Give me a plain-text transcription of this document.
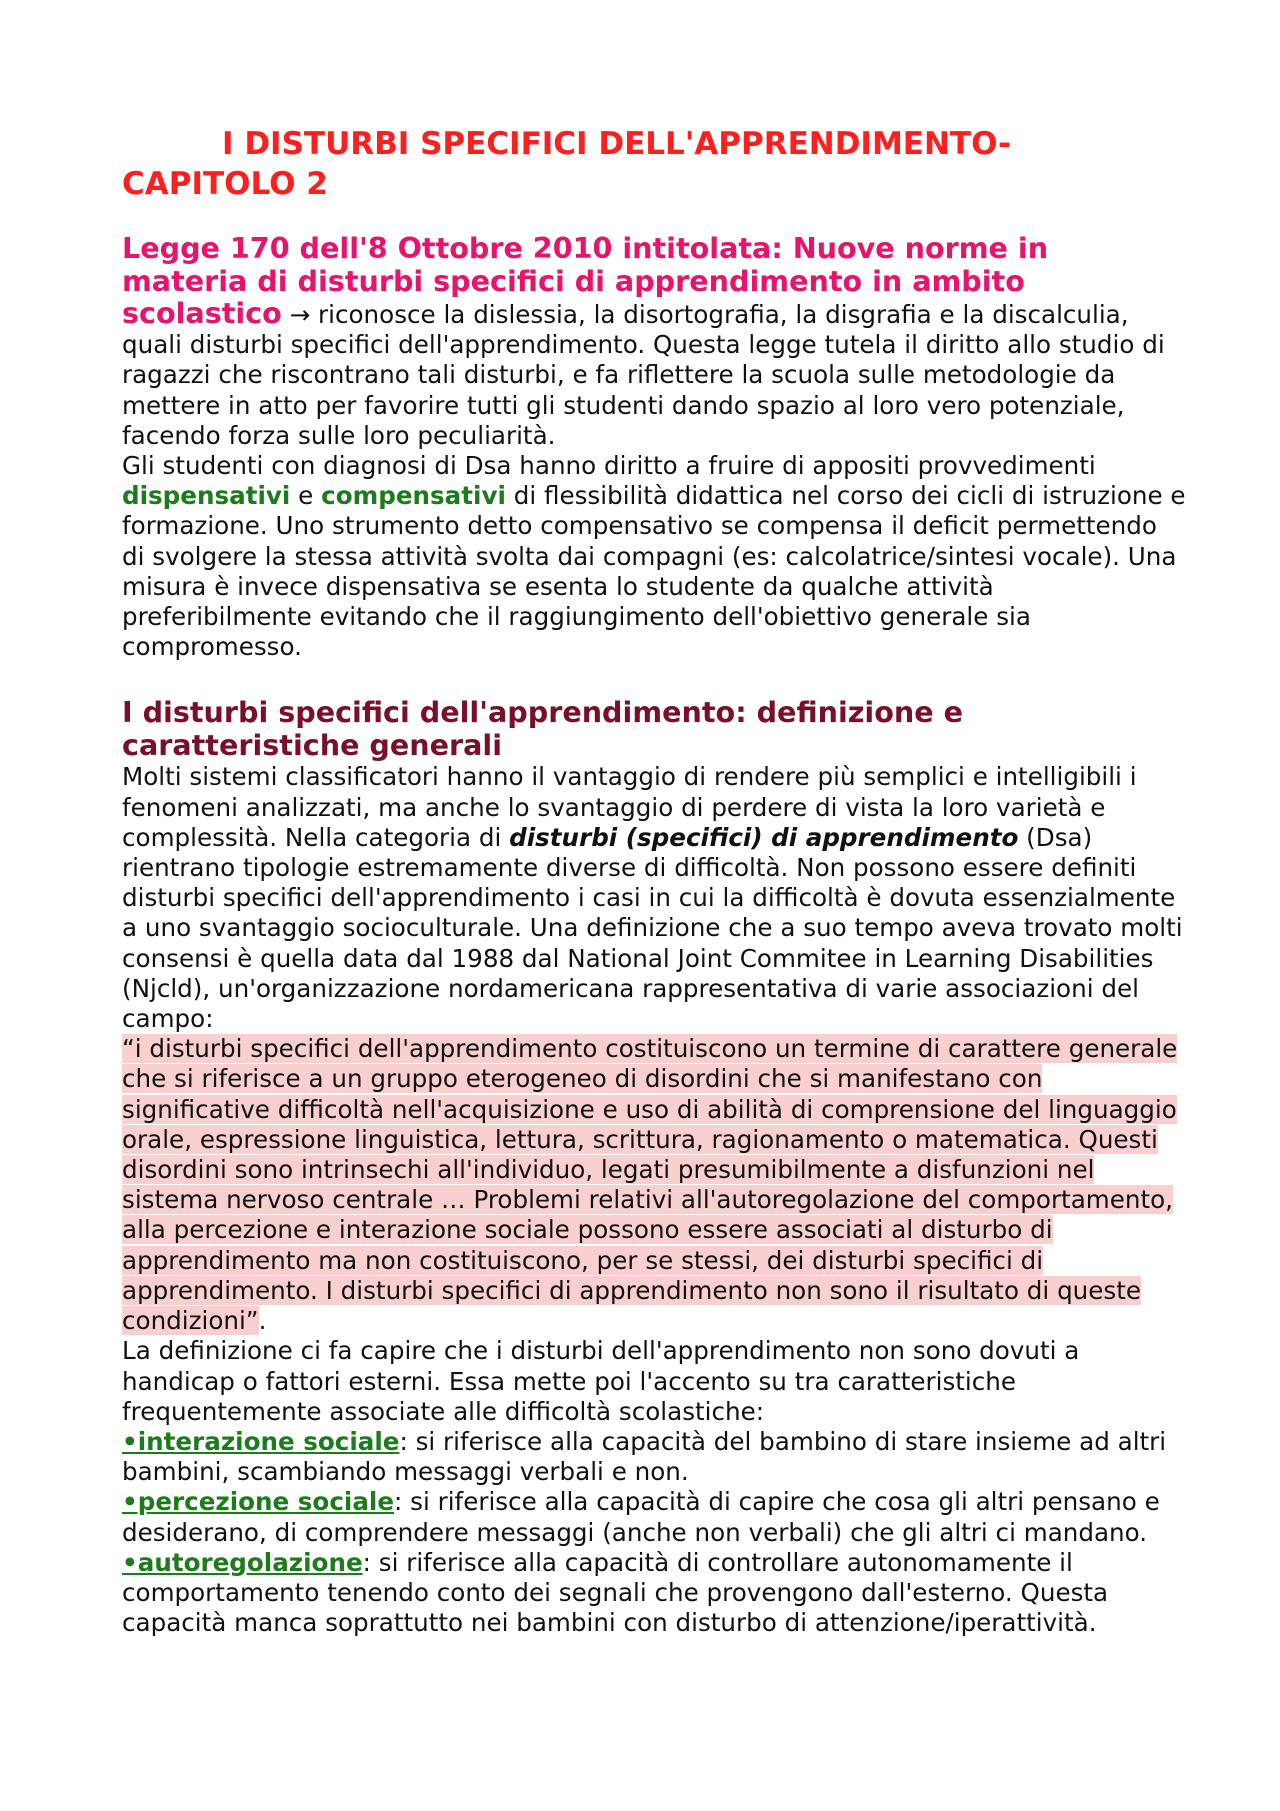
I DISTURBI SPECIFICI DELL'APPRENDIMENTO-
CAPITOLO 2
Legge 170 dell'8 Ottobre 2010 intitolata: Nuove norme in
materia di disturbi specifici di apprendimento in ambito

scolastico → riconosce la dislessia, la disortografia, la disgrafia e la discalculia, quali disturbi specifici dell'apprendimento. Questa legge tutela il diritto allo studio di ragazzi che riscontrano tali disturbi, e fa riflettere la scuola sulle metodologie da mettere in atto per favorire tutti gli studenti dando spazio al loro vero potenziale, facendo forza sulle loro peculiarità.

Gli studenti con diagnosi di Dsa hanno diritto a fruire di appositi provvedimenti dispensativi e compensativi di flessibilità didattica nel corso dei cicli di istruzione e formazione. Uno strumento detto compensativo se compensa il deficit permettendo di svolgere la stessa attività svolta dai compagni (es: calcolatrice/sintesi vocale). Una misura è invece dispensativa se esenta lo studente da qualche attività preferibilmente evitando che il raggiungimento dell'obiettivo generale sia compromesso.

I disturbi specifici dell'apprendimento: definizione e
caratteristiche generali

Molti sistemi classificatori hanno il vantaggio di rendere più semplici e intelligibili i fenomeni analizzati, ma anche lo svantaggio di perdere di vista la loro varietà e complessità. Nella categoria di disturbi (specifici) di apprendimento (Dsa) rientrano tipologie estremamente diverse di difficoltà. Non possono essere definiti disturbi specifici dell'apprendimento i casi in cui la difficoltà è dovuta essenzialmente a uno svantaggio socioculturale. Una definizione che a suo tempo aveva trovato molti consensi è quella data dal 1988 dal National Joint Commitee in Learning Disabilities (Njcld), un'organizzazione nordamericana rappresentativa di varie associazioni del campo:

“i disturbi specifici dell'apprendimento costituiscono un termine di carattere generale che si riferisce a un gruppo eterogeneo di disordini che si manifestano con significative difficoltà nell'acquisizione e uso di abilità di comprensione del linguaggio orale, espressione linguistica, lettura, scrittura, ragionamento o matematica. Questi disordini sono intrinsechi all'individuo, legati presumibilmente a disfunzioni nel sistema nervoso centrale … Problemi relativi all'autoregolazione del comportamento, alla percezione e interazione sociale possono essere associati al disturbo di apprendimento ma non costituiscono, per se stessi, dei disturbi specifici di apprendimento. I disturbi specifici di apprendimento non sono il risultato di queste condizioni”.

La definizione ci fa capire che i disturbi dell'apprendimento non sono dovuti a handicap o fattori esterni. Essa mette poi l'accento su tra caratteristiche frequentemente associate alle difficoltà scolastiche:

•interazione sociale: si riferisce alla capacità del bambino di stare insieme ad altri bambini, scambiando messaggi verbali e non.

•percezione sociale: si riferisce alla capacità di capire che cosa gli altri pensano e desiderano, di comprendere messaggi (anche non verbali) che gli altri ci mandano.

•autoregolazione: si riferisce alla capacità di controllare autonomamente il comportamento tenendo conto dei segnali che provengono dall'esterno. Questa capacità manca soprattutto nei bambini con disturbo di attenzione/iperattività.
